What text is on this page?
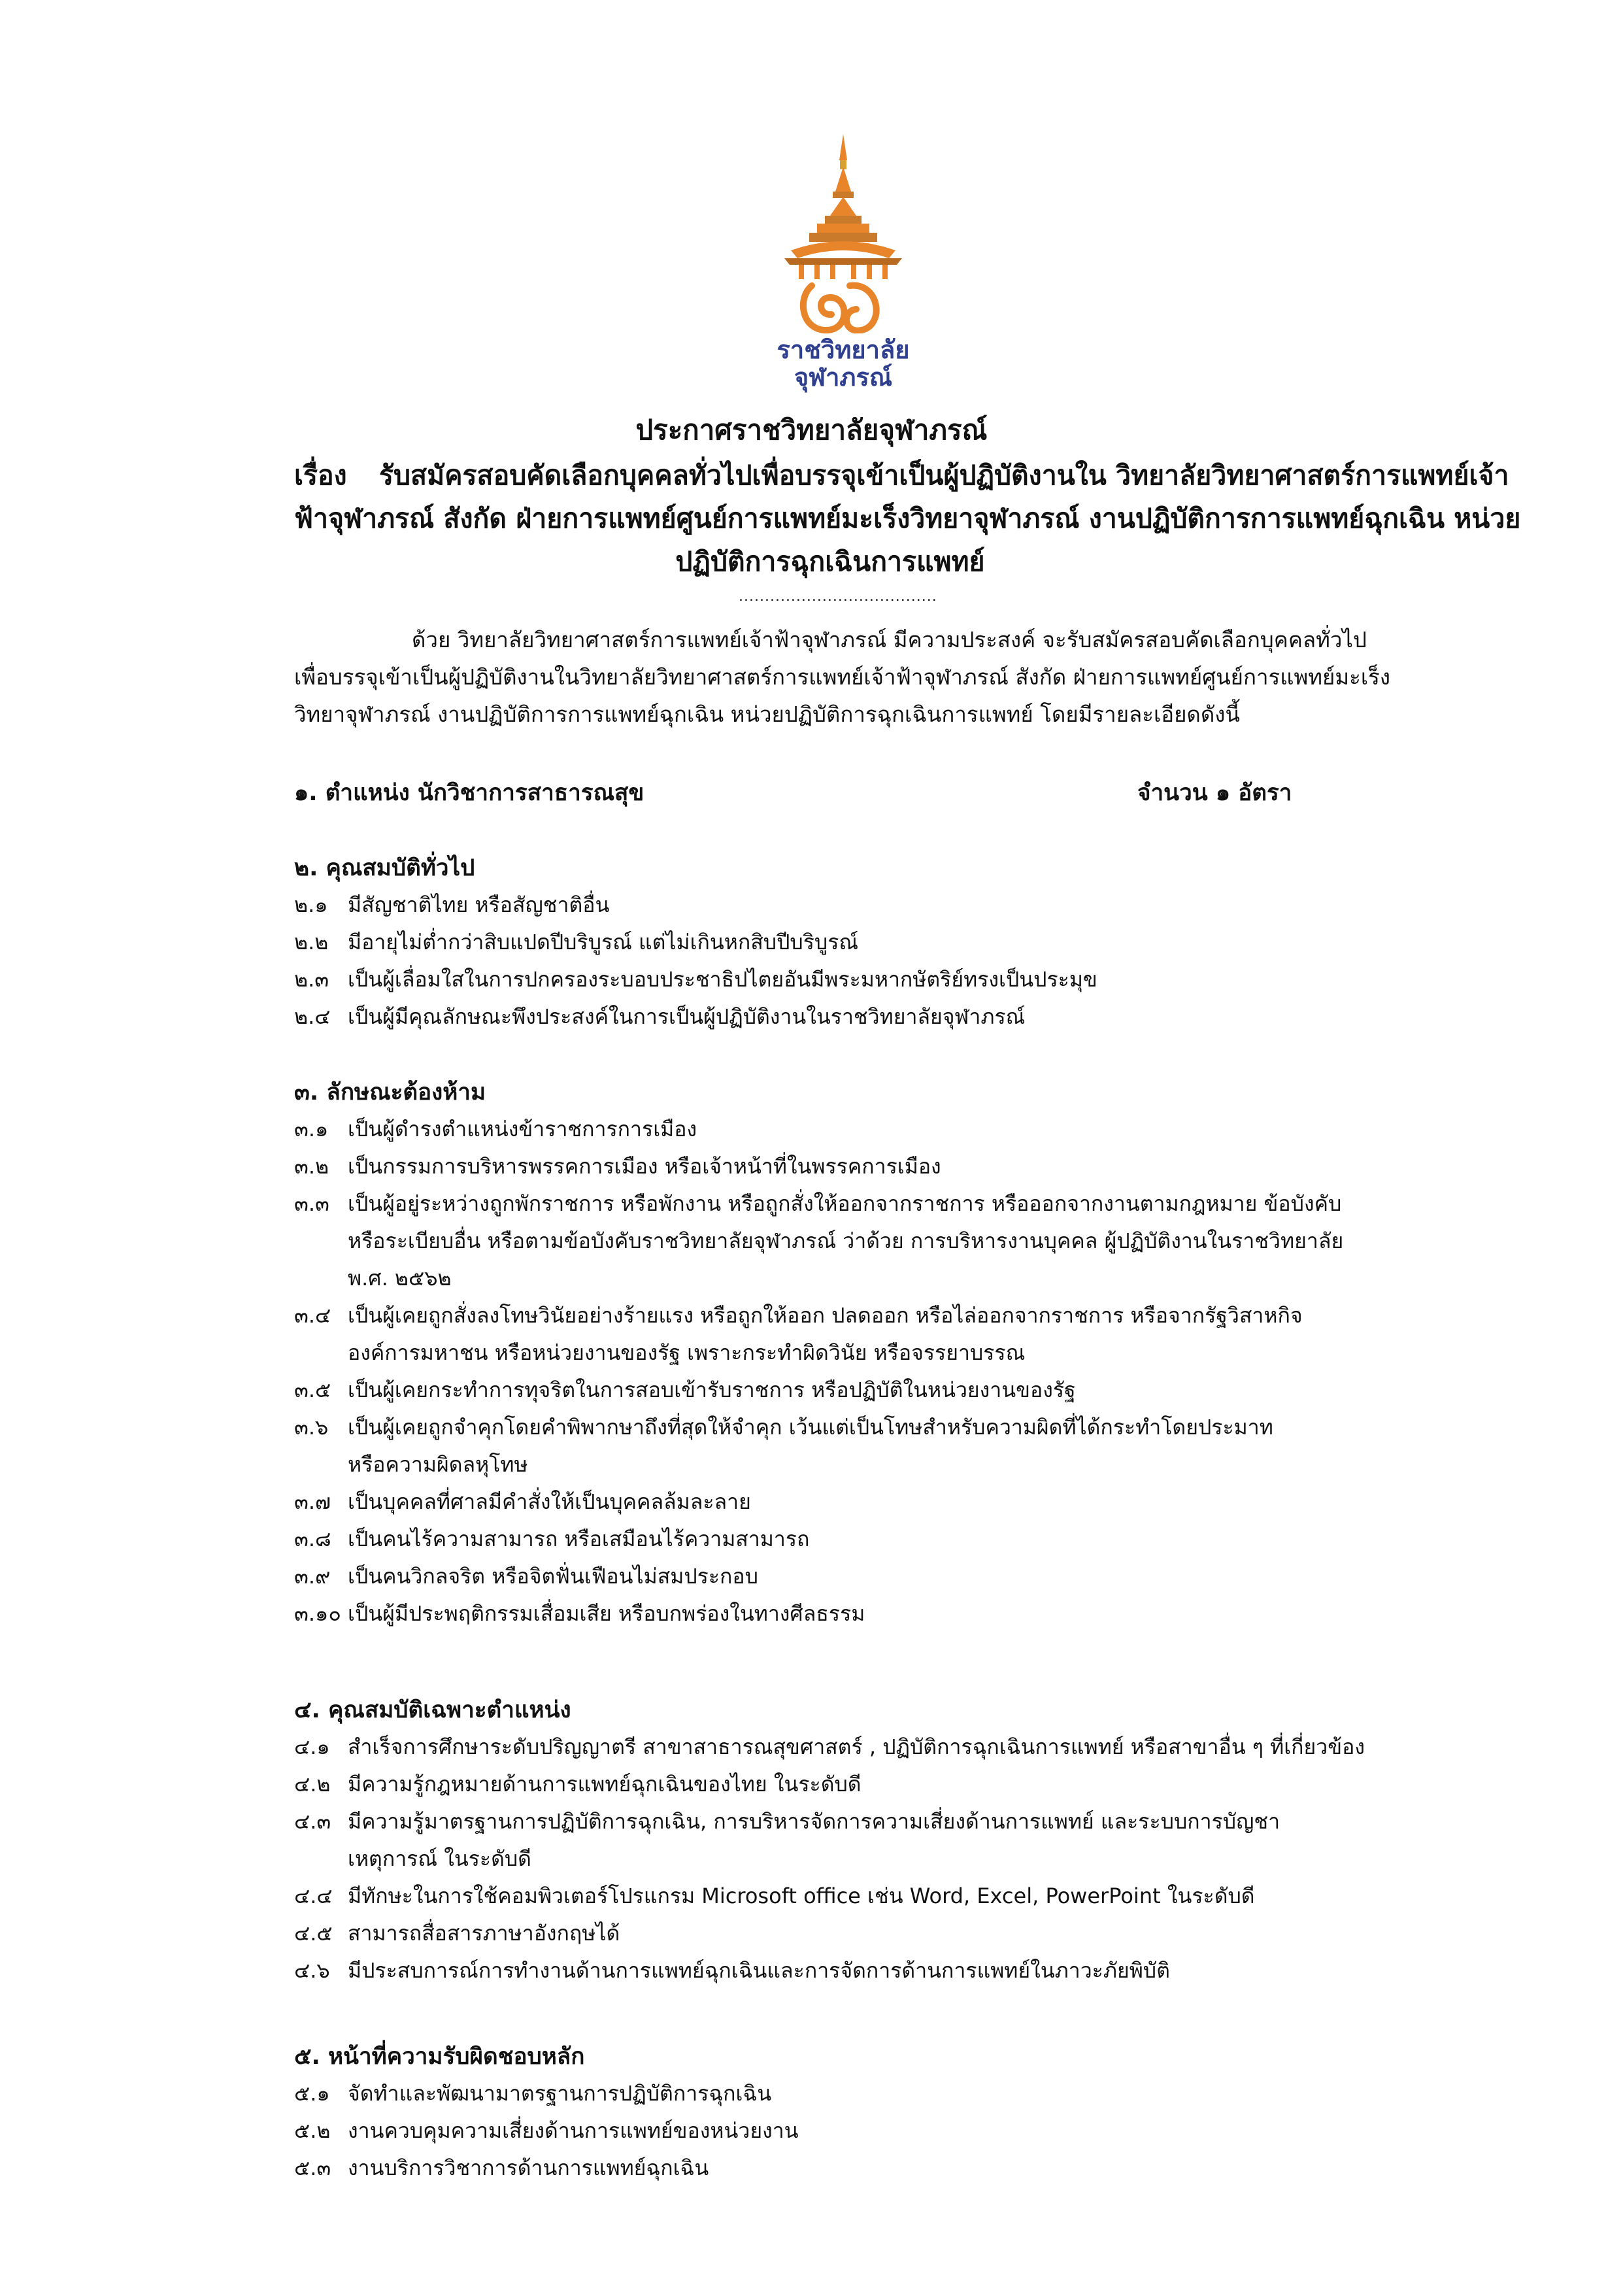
ราชวิทยาลัย
จุฬาภรณ์
ประกาศราชวิทยาลัยจุฬาภรณ์
เรื่อง รับสมัครสอบคัดเลือกบุคคลทั่วไปเพื่อบรรจุเข้าเป็นผู้ปฏิบัติงานใน วิทยาลัยวิทยาศาสตร์การแพทย์เจ้า
ฟ้าจุฬาภรณ์ สังกัด ฝ่ายการแพทย์ศูนย์การแพทย์มะเร็งวิทยาจุฬาภรณ์ งานปฏิบัติการการแพทย์ฉุกเฉิน หน่วย
ปฏิบัติการฉุกเฉินการแพทย์
......................................
ด้วย วิทยาลัยวิทยาศาสตร์การแพทย์เจ้าฟ้าจุฬาภรณ์ มีความประสงค์ จะรับสมัครสอบคัดเลือกบุคคลทั่วไป
เพื่อบรรจุเข้าเป็นผู้ปฏิบัติงานในวิทยาลัยวิทยาศาสตร์การแพทย์เจ้าฟ้าจุฬาภรณ์ สังกัด ฝ่ายการแพทย์ศูนย์การแพทย์มะเร็ง
วิทยาจุฬาภรณ์ งานปฏิบัติการการแพทย์ฉุกเฉิน หน่วยปฏิบัติการฉุกเฉินการแพทย์ โดยมีรายละเอียดดังนี้
๑. ตำแหน่ง นักวิชาการสาธารณสุข	จำนวน ๑ อัตรา
๒. คุณสมบัติทั่วไป
๒.๑ มีสัญชาติไทย หรือสัญชาติอื่น
๒.๒ มีอายุไม่ต่ำกว่าสิบแปดปีบริบูรณ์ แต่ไม่เกินหกสิบปีบริบูรณ์
๒.๓ เป็นผู้เลื่อมใสในการปกครองระบอบประชาธิปไตยอันมีพระมหากษัตริย์ทรงเป็นประมุข
๒.๔ เป็นผู้มีคุณลักษณะพึงประสงค์ในการเป็นผู้ปฏิบัติงานในราชวิทยาลัยจุฬาภรณ์
๓. ลักษณะต้องห้าม
๓.๑ เป็นผู้ดำรงตำแหน่งข้าราชการการเมือง
๓.๒ เป็นกรรมการบริหารพรรคการเมือง หรือเจ้าหน้าที่ในพรรคการเมือง
๓.๓ เป็นผู้อยู่ระหว่างถูกพักราชการ หรือพักงาน หรือถูกสั่งให้ออกจากราชการ หรือออกจากงานตามกฎหมาย ข้อบังคับ
หรือระเบียบอื่น หรือตามข้อบังคับราชวิทยาลัยจุฬาภรณ์ ว่าด้วย การบริหารงานบุคคล ผู้ปฏิบัติงานในราชวิทยาลัย
พ.ศ. ๒๕๖๒
๓.๔ เป็นผู้เคยถูกสั่งลงโทษวินัยอย่างร้ายแรง หรือถูกให้ออก ปลดออก หรือไล่ออกจากราชการ หรือจากรัฐวิสาหกิจ
องค์การมหาชน หรือหน่วยงานของรัฐ เพราะกระทำผิดวินัย หรือจรรยาบรรณ
๓.๕ เป็นผู้เคยกระทำการทุจริตในการสอบเข้ารับราชการ หรือปฏิบัติในหน่วยงานของรัฐ
๓.๖ เป็นผู้เคยถูกจำคุกโดยคำพิพากษาถึงที่สุดให้จำคุก เว้นแต่เป็นโทษสำหรับความผิดที่ได้กระทำโดยประมาท
หรือความผิดลหุโทษ
๓.๗ เป็นบุคคลที่ศาลมีคำสั่งให้เป็นบุคคลล้มละลาย
๓.๘ เป็นคนไร้ความสามารถ หรือเสมือนไร้ความสามารถ
๓.๙ เป็นคนวิกลจริต หรือจิตฟั่นเฟือนไม่สมประกอบ
๓.๑๐ เป็นผู้มีประพฤติกรรมเสื่อมเสีย หรือบกพร่องในทางศีลธรรม
๔. คุณสมบัติเฉพาะตำแหน่ง
๔.๑ สำเร็จการศึกษาระดับปริญญาตรี สาขาสาธารณสุขศาสตร์ , ปฏิบัติการฉุกเฉินการแพทย์ หรือสาขาอื่น ๆ ที่เกี่ยวข้อง
๔.๒ มีความรู้กฎหมายด้านการแพทย์ฉุกเฉินของไทย ในระดับดี
๔.๓ มีความรู้มาตรฐานการปฏิบัติการฉุกเฉิน, การบริหารจัดการความเสี่ยงด้านการแพทย์ และระบบการบัญชา
เหตุการณ์ ในระดับดี
๔.๔ มีทักษะในการใช้คอมพิวเตอร์โปรแกรม Microsoft office เช่น Word, Excel, PowerPoint ในระดับดี
๔.๕ สามารถสื่อสารภาษาอังกฤษได้
๔.๖ มีประสบการณ์การทำงานด้านการแพทย์ฉุกเฉินและการจัดการด้านการแพทย์ในภาวะภัยพิบัติ
๕. หน้าที่ความรับผิดชอบหลัก
๕.๑ จัดทำและพัฒนามาตรฐานการปฏิบัติการฉุกเฉิน
๕.๒ งานควบคุมความเสี่ยงด้านการแพทย์ของหน่วยงาน
๕.๓ งานบริการวิชาการด้านการแพทย์ฉุกเฉิน
